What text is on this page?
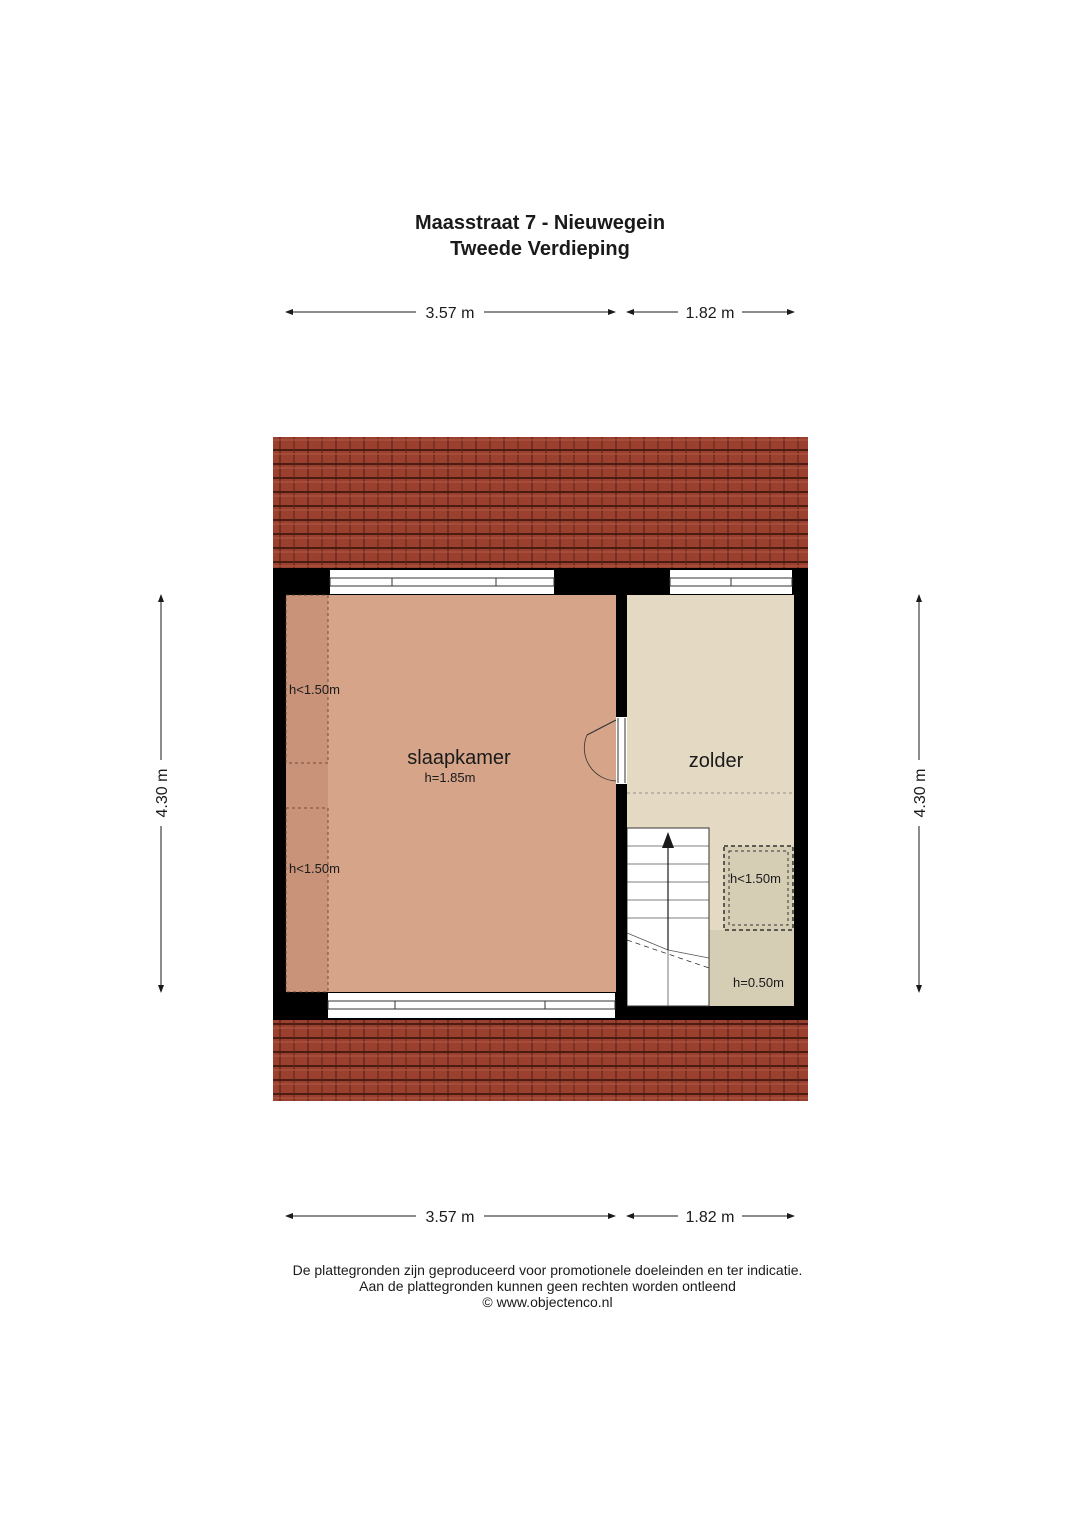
Maasstraat 7 - Nieuwegein
Tweede Verdieping
slaapkamer
h=1.85m
zolder
h<1.50m
h<1.50m
h<1.50m
h=0.50m
3.57 m	1.82 m
3.57 m	1.82 m
4.30 m	4.30 m
De plattegronden zijn geproduceerd voor promotionele doeleinden en ter indicatie.
Aan de plattegronden kunnen geen rechten worden ontleend
© www.objectenco.nl
